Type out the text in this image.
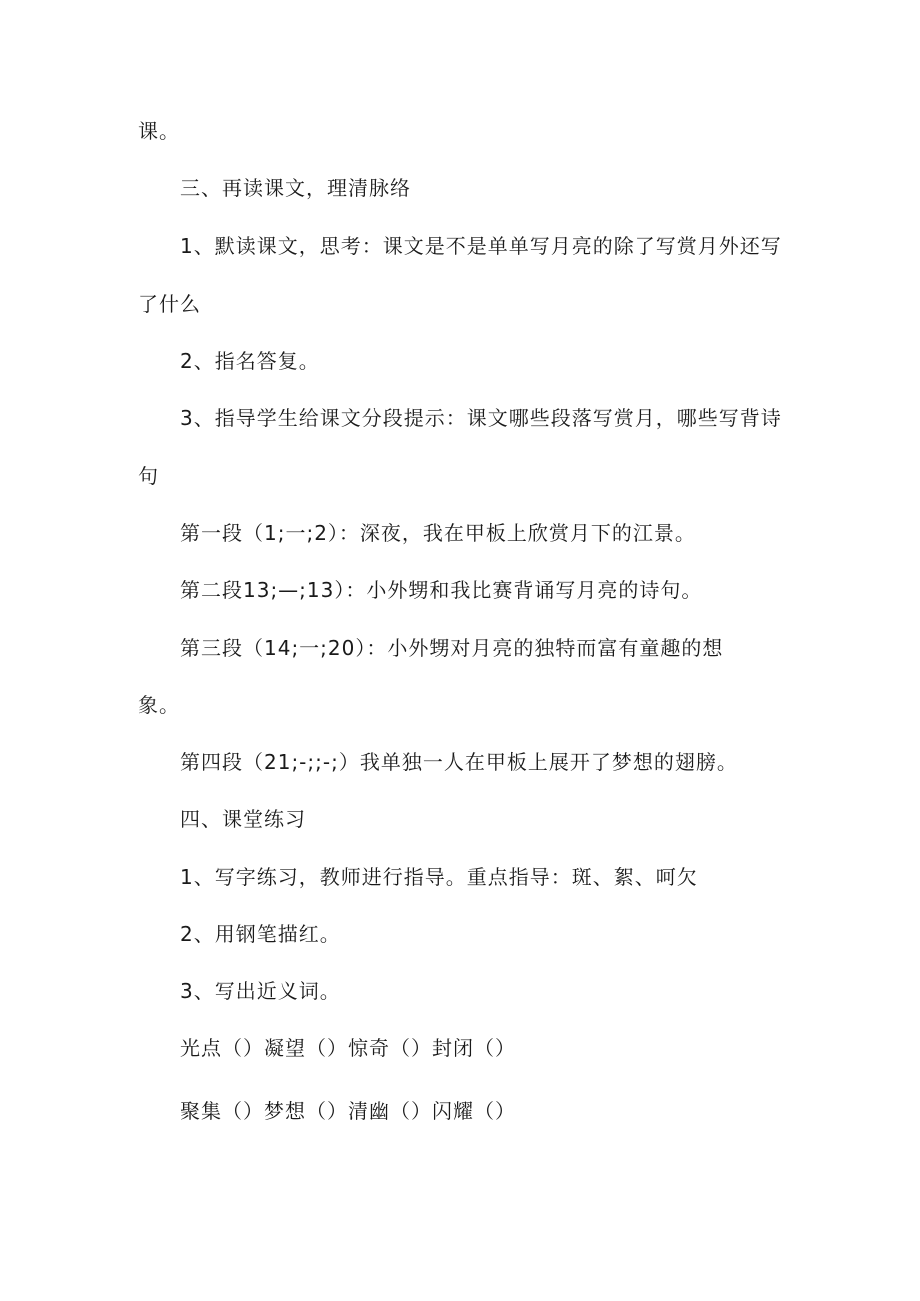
课。
三、再读课文，理清脉络
1、默读课文，思考：课文是不是单单写月亮的除了写赏月外还写
了什么
2、指名答复。
3、指导学生给课文分段提示：课文哪些段落写赏月，哪些写背诗
句
第一段（1;一;2）：深夜，我在甲板上欣赏月下的江景。
第二段13;—;13）：小外甥和我比赛背诵写月亮的诗句。
第三段（14;一;20）：小外甥对月亮的独特而富有童趣的想
象。
第四段（21;-;;-;）我单独一人在甲板上展开了梦想的翅膀。
四、课堂练习
1、写字练习，教师进行指导。重点指导：斑、絮、呵欠
2、用钢笔描红。
3、写出近义词。
光点（）凝望（）惊奇（）封闭（）
聚集（）梦想（）清幽（）闪耀（）
